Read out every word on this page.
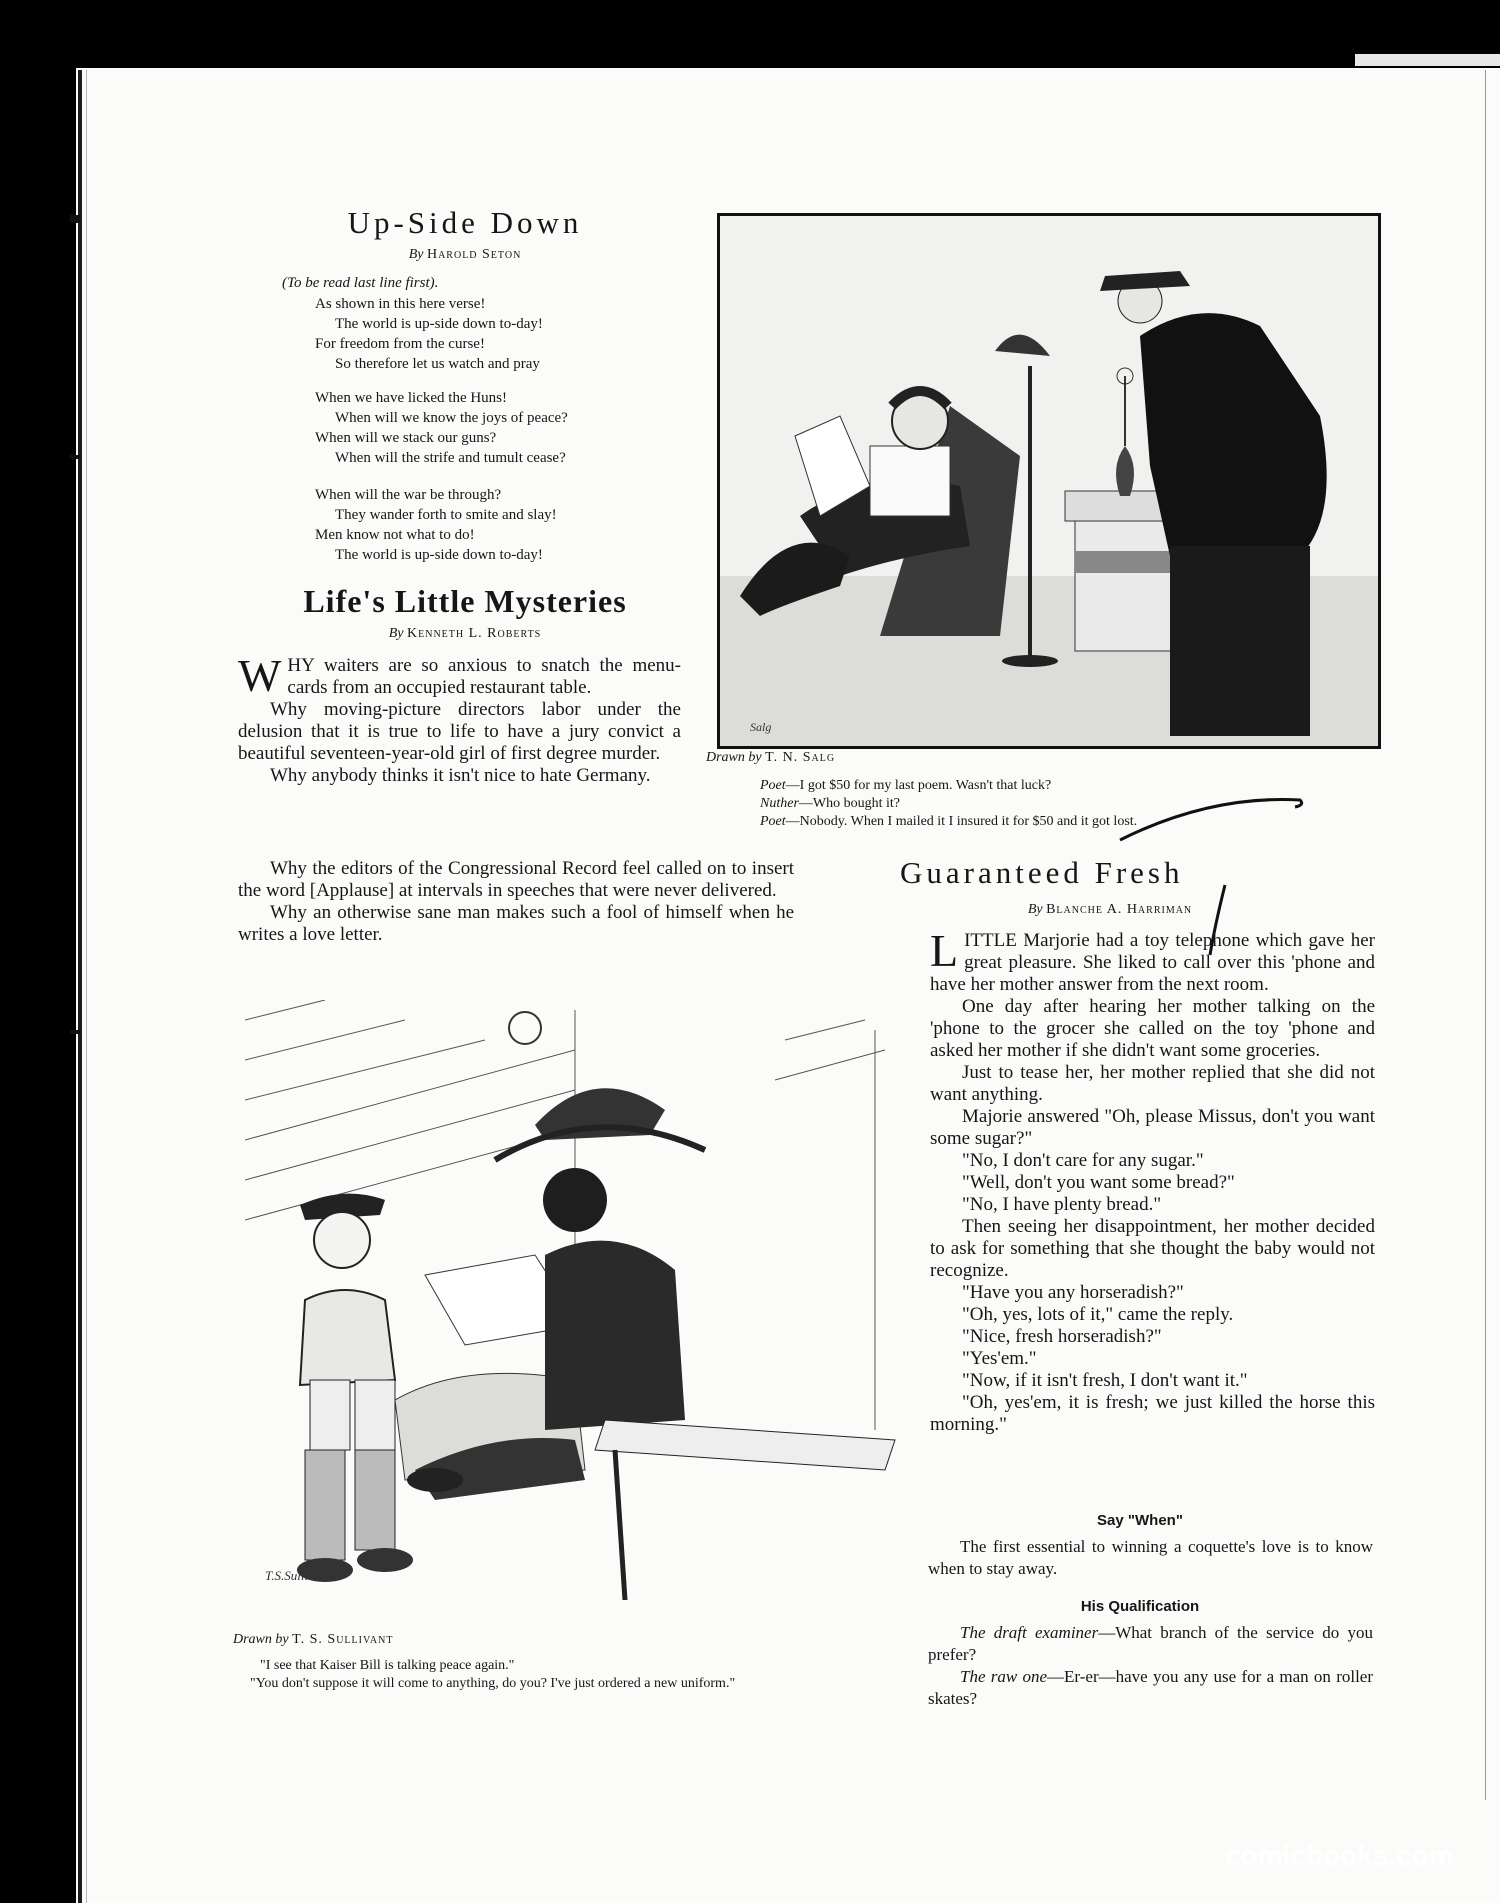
Up-Side Down
By Harold Seton
(To be read last line first).
As shown in this here verse!
The world is up-side down to-day!
For freedom from the curse!
So therefore let us watch and pray
When we have licked the Huns!
When will we know the joys of peace?
When will we stack our guns?
When will the strife and tumult cease?
When will the war be through?
They wander forth to smite and slay!
Men know not what to do!
The world is up-side down to-day!
Life's Little Mysteries
By Kenneth L. Roberts

WHY waiters are so anxious to snatch the menu-cards from an occupied restaurant table.

Why moving-picture directors labor under the delusion that it is true to life to have a jury convict a beautiful seventeen-year-old girl of first degree murder.

Why anybody thinks it isn't nice to hate Germany.

Why the editors of the Congressional Record feel called on to insert the word [Applause] at intervals in speeches that were never delivered.

Why an otherwise sane man makes such a fool of himself when he writes a love letter.

Salg
Drawn by T. N. Salg
Poet—I got $50 for my last poem. Wasn't that luck?
Nuther—Who bought it?
Poet—Nobody. When I mailed it I insured it for $50 and it got lost.
Guaranteed Fresh
By Blanche A. Harriman

LITTLE Marjorie had a toy telephone which gave her great pleasure. She liked to call over this 'phone and have her mother answer from the next room.

One day after hearing her mother talking on the 'phone to the grocer she called on the toy 'phone and asked her mother if she didn't want some groceries.

Just to tease her, her mother replied that she did not want anything.

Majorie answered "Oh, please Missus, don't you want some sugar?"

"No, I don't care for any sugar."

"Well, don't you want some bread?"

"No, I have plenty bread."

Then seeing her disappointment, her mother decided to ask for something that she thought the baby would not recognize.

"Have you any horseradish?"

"Oh, yes, lots of it," came the reply.

"Nice, fresh horseradish?"

"Yes'em."

"Now, if it isn't fresh, I don't want it."

"Oh, yes'em, it is fresh; we just killed the horse this morning."

Say "When"

The first essential to winning a coquette's love is to know when to stay away.

His Qualification

The draft examiner—What branch of the service do you prefer?

The raw one—Er-er—have you any use for a man on roller skates?

T.S.Sullivant
Drawn by T. S. Sullivant
"I see that Kaiser Bill is talking peace again."
"You don't suppose it will come to anything, do you? I've just ordered a new uniform."
comicbooks.com
